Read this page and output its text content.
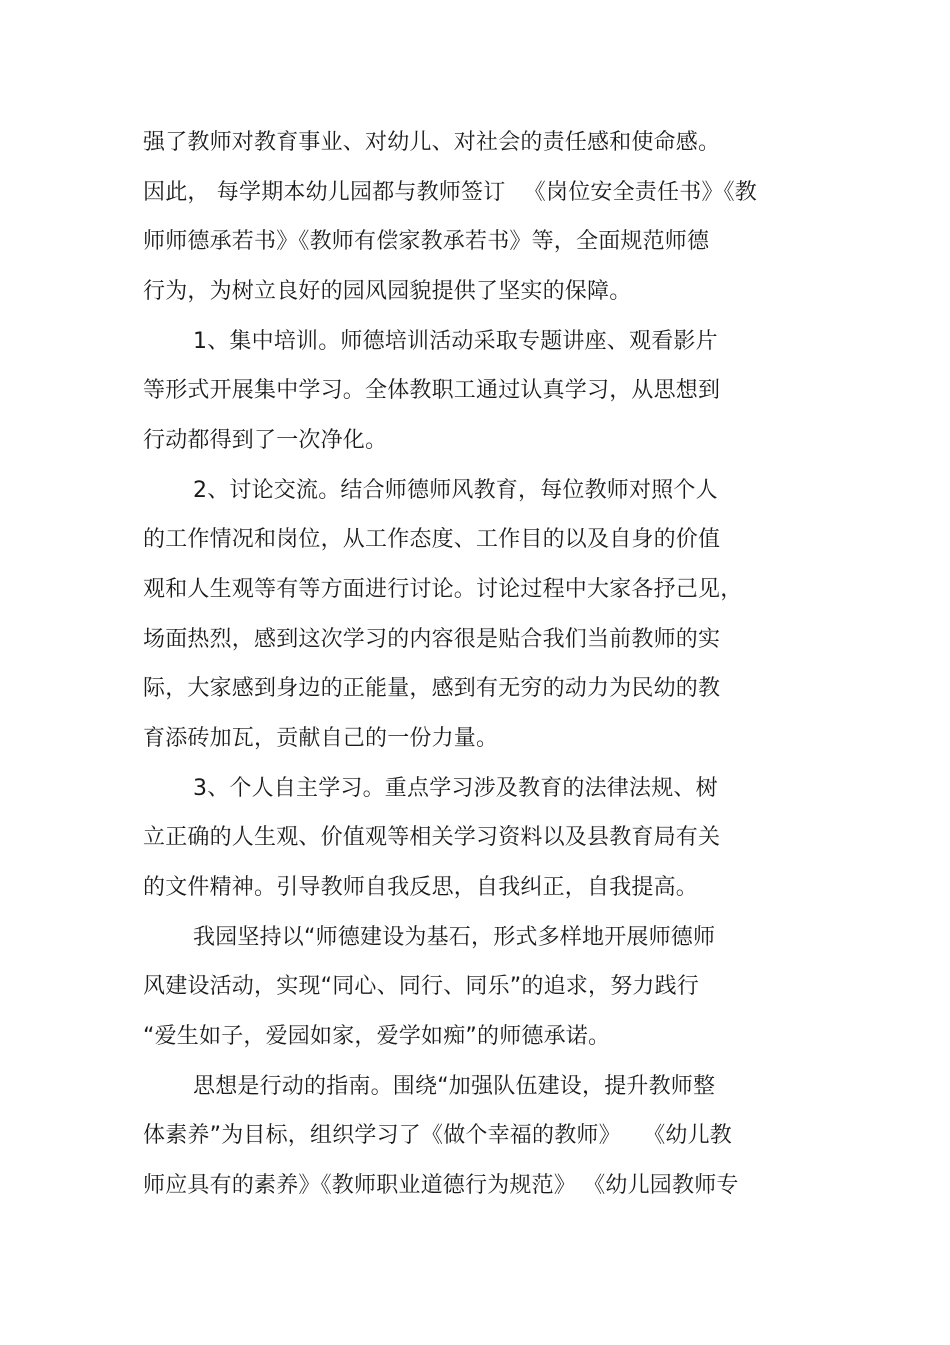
强了教师对教育事业、对幼儿、对社会的责任感和使命感。
因此， 每学期本幼儿园都与教师签订 　《岗位安全责任书》《教
师师德承若书》《教师有偿家教承若书》等，全面规范师德
行为，为树立良好的园风园貌提供了坚实的保障。
1、集中培训。师德培训活动采取专题讲座、观看影片
等形式开展集中学习。全体教职工通过认真学习，从思想到
行动都得到了一次净化。
2、讨论交流。结合师德师风教育，每位教师对照个人
的工作情况和岗位，从工作态度、工作目的以及自身的价值
观和人生观等有等方面进行讨论。讨论过程中大家各抒己见，
场面热烈，感到这次学习的内容很是贴合我们当前教师的实
际，大家感到身边的正能量，感到有无穷的动力为民幼的教
育添砖加瓦，贡献自己的一份力量。
3、个人自主学习。重点学习涉及教育的法律法规、树
立正确的人生观、价值观等相关学习资料以及县教育局有关
的文件精神。引导教师自我反思，自我纠正，自我提高。
我园坚持以“师德建设为基石，形式多样地开展师德师
风建设活动，实现“同心、同行、同乐”的追求，努力践行
“爱生如子，爱园如家，爱学如痴”的师德承诺。
思想是行动的指南。围绕“加强队伍建设，提升教师整
体素养”为目标，组织学习了《做个幸福的教师》　　《幼儿教
师应具有的素养》《教师职业道德行为规范》 《幼儿园教师专
